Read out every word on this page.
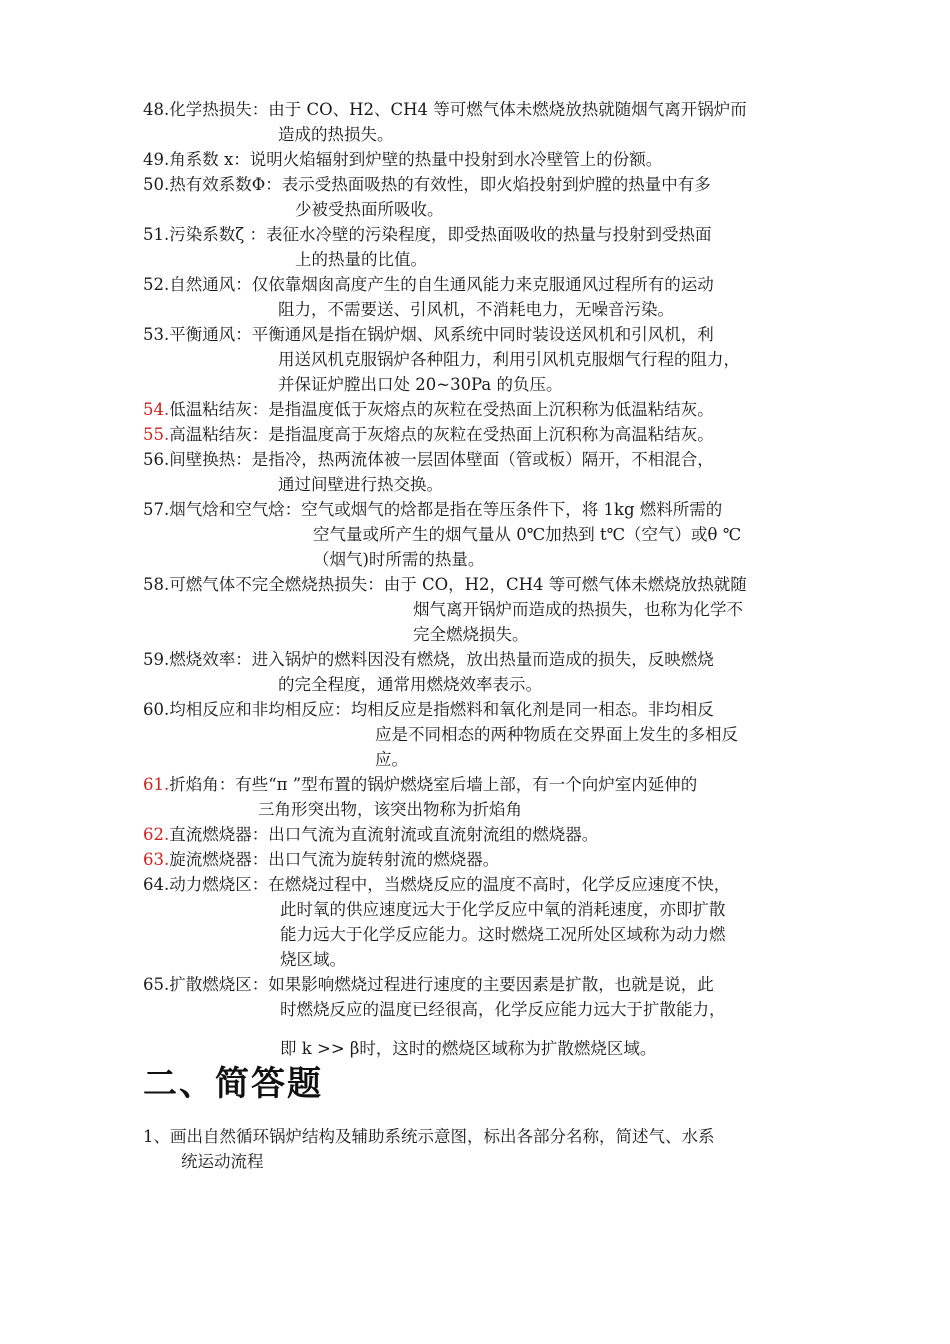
48.化学热损失：由于 CO、H2、CH4 等可燃气体未燃烧放热就随烟气离开锅炉而
造成的热损失。
49.角系数 x：说明火焰辐射到炉壁的热量中投射到水冷壁管上的份额。
50.热有效系数Φ：表示受热面吸热的有效性，即火焰投射到炉膛的热量中有多
少被受热面所吸收。
51.污染系数ζ ：表征水冷壁的污染程度，即受热面吸收的热量与投射到受热面
上的热量的比值。
52.自然通风：仅依靠烟囱高度产生的自生通风能力来克服通风过程所有的运动
阻力，不需要送、引风机，不消耗电力，无噪音污染。
53.平衡通风：平衡通风是指在锅炉烟、风系统中同时装设送风机和引风机，利
用送风机克服锅炉各种阻力，利用引风机克服烟气行程的阻力，
并保证炉膛出口处 20~30Pa 的负压。
54.低温粘结灰：是指温度低于灰熔点的灰粒在受热面上沉积称为低温粘结灰。
55.高温粘结灰：是指温度高于灰熔点的灰粒在受热面上沉积称为高温粘结灰。
56.间壁换热：是指冷，热两流体被一层固体壁面（管或板）隔开，不相混合，
通过间壁进行热交换。
57.烟气焓和空气焓：空气或烟气的焓都是指在等压条件下，将 1kg 燃料所需的
空气量或所产生的烟气量从 0℃加热到 t℃（空气）或θ ℃
（烟气)时所需的热量。
58.可燃气体不完全燃烧热损失：由于 CO，H2，CH4 等可燃气体未燃烧放热就随
烟气离开锅炉而造成的热损失，也称为化学不
完全燃烧损失。
59.燃烧效率：进入锅炉的燃料因没有燃烧，放出热量而造成的损失，反映燃烧
的完全程度，通常用燃烧效率表示。
60.均相反应和非均相反应：均相反应是指燃料和氧化剂是同一相态。非均相反
应是不同相态的两种物质在交界面上发生的多相反
应。
61.折焰角：有些“π ”型布置的锅炉燃烧室后墙上部，有一个向炉室内延伸的
三角形突出物，该突出物称为折焰角
62.直流燃烧器：出口气流为直流射流或直流射流组的燃烧器。
63.旋流燃烧器：出口气流为旋转射流的燃烧器。
64.动力燃烧区：在燃烧过程中，当燃烧反应的温度不高时，化学反应速度不快，
此时氧的供应速度远大于化学反应中氧的消耗速度，亦即扩散
能力远大于化学反应能力。这时燃烧工况所处区域称为动力燃
烧区域。
65.扩散燃烧区：如果影响燃烧过程进行速度的主要因素是扩散，也就是说，此
时燃烧反应的温度已经很高，化学反应能力远大于扩散能力，
即 k >> β时，这时的燃烧区域称为扩散燃烧区域。
二、简答题
1、画出自然循环锅炉结构及辅助系统示意图，标出各部分名称，简述气、水系
统运动流程
